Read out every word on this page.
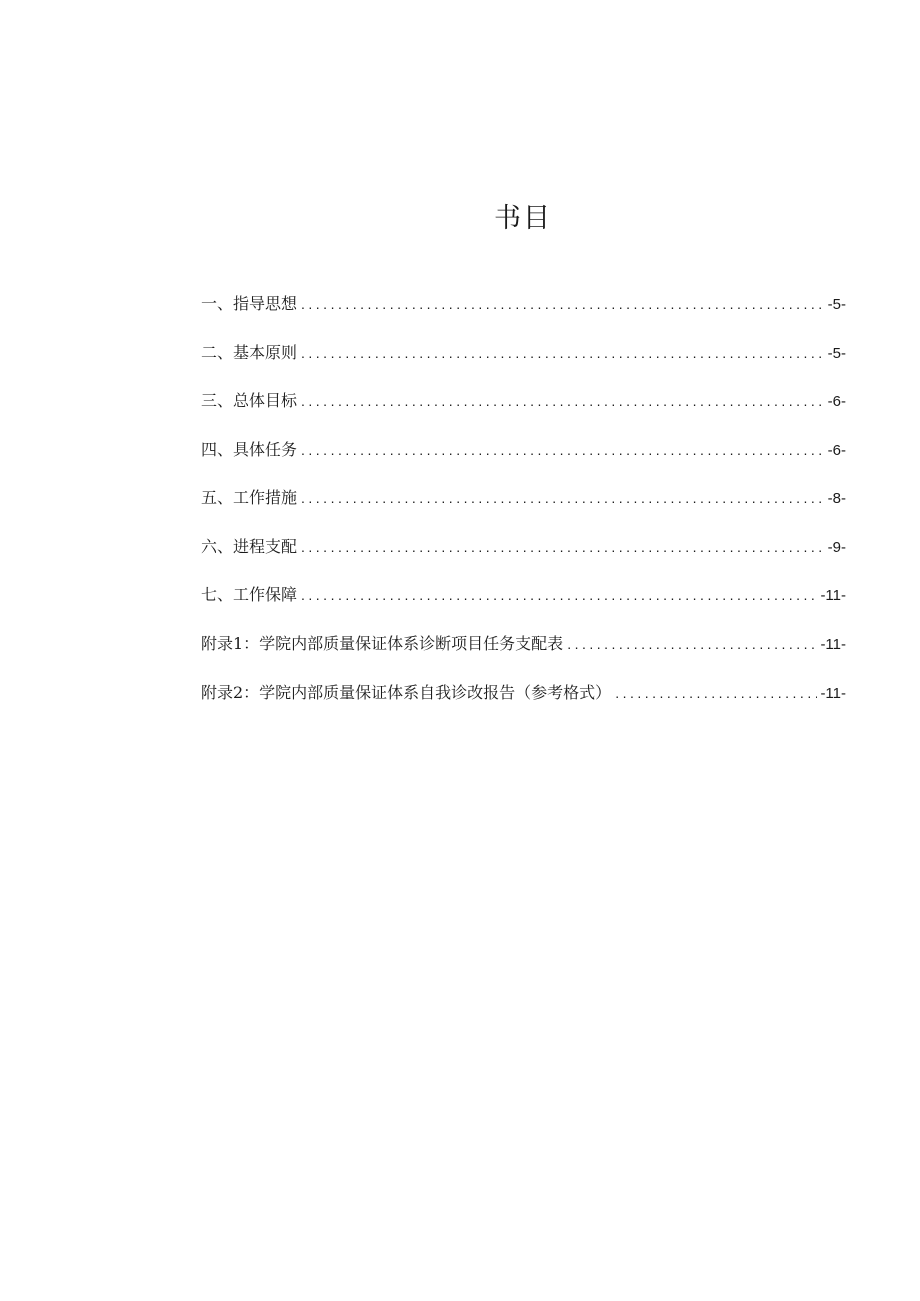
书目
一、指导思想 .....	-5-
二、基本原则 .....	-5-
三、总体目标 .....	-6-
四、具体任务 .....	-6-
五、工作措施 .....	-8-
六、进程支配 .....	-9-
七、工作保障 .....	-11-
附录1：学院内部质量保证体系诊断项目任务支配表 .....	-11-
附录2：学院内部质量保证体系自我诊改报告（参考格式） .....	-11-
